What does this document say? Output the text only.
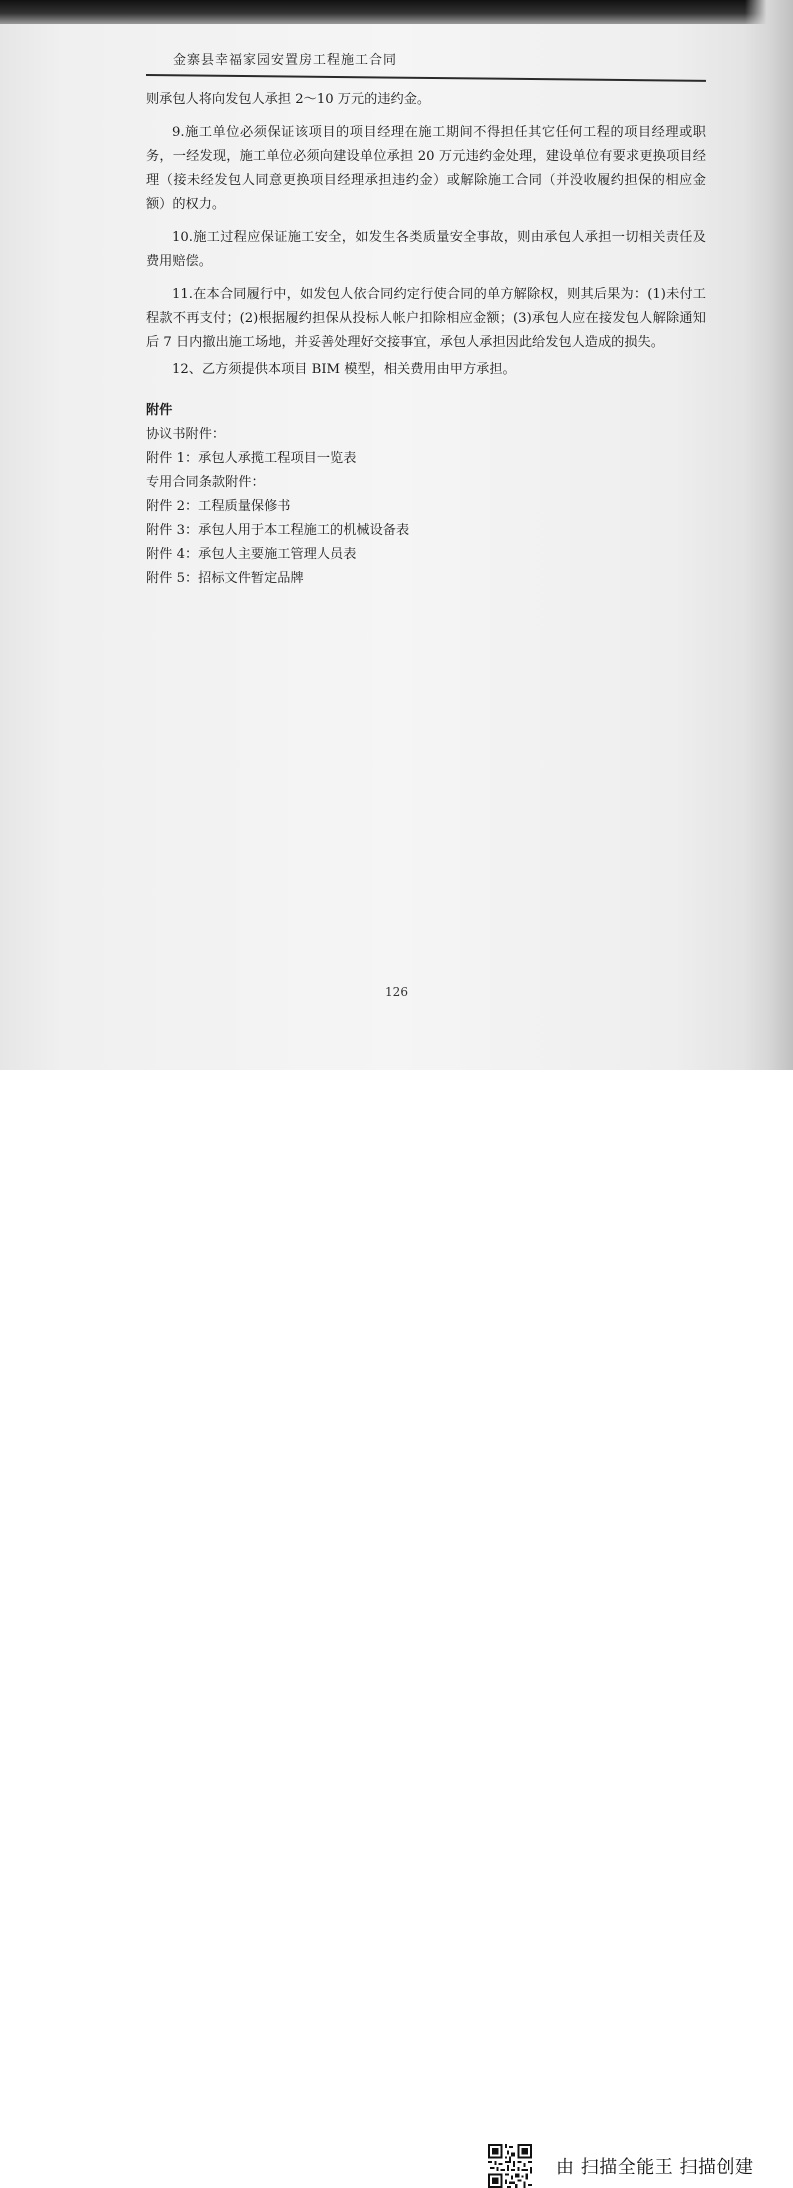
金寨县幸福家园安置房工程施工合同

则承包人将向发包人承担 2～10 万元的违约金。

9.施工单位必须保证该项目的项目经理在施工期间不得担任其它任何工程的项目经理或职务，一经发现，施工单位必须向建设单位承担 20 万元违约金处理，建设单位有要求更换项目经理（接未经发包人同意更换项目经理承担违约金）或解除施工合同（并没收履约担保的相应金额）的权力。

10.施工过程应保证施工安全，如发生各类质量安全事故，则由承包人承担一切相关责任及费用赔偿。

11.在本合同履行中，如发包人依合同约定行使合同的单方解除权，则其后果为：(1)未付工程款不再支付；(2)根据履约担保从投标人帐户扣除相应金额；(3)承包人应在接发包人解除通知后 7 日内撤出施工场地，并妥善处理好交接事宜，承包人承担因此给发包人造成的损失。

12、乙方须提供本项目 BIM 模型，相关费用由甲方承担。

附件

协议书附件：

附件 1：承包人承揽工程项目一览表

专用合同条款附件：

附件 2：工程质量保修书

附件 3：承包人用于本工程施工的机械设备表

附件 4：承包人主要施工管理人员表

附件 5：招标文件暂定品牌

126
由 扫描全能王 扫描创建
